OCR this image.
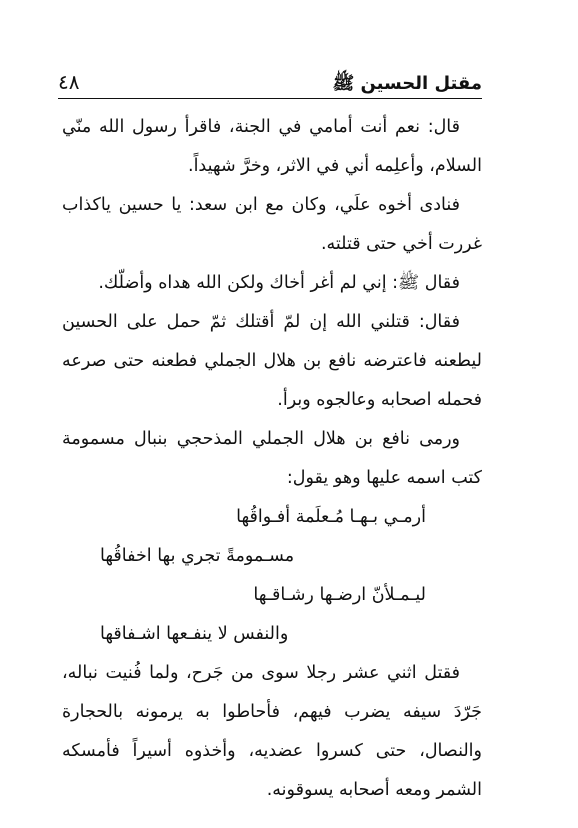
مقتل الحسين ﷺ
٤٨
قال: نعم أنت أمامي في الجنة، فاقرأ رسول الله منّي
السلام، وأعلِمه أني في الاثر، وخرَّ شهيداً.
فنادى أخوه علَي، وكان مع ابن سعد: يا حسين ياكذاب
غررت أخي حتى قتلته.
فقال ﷺ: إني لم أغر أخاك ولكن الله هداه وأضلّك.
فقال: قتلني الله إن لمّ أقتلك ثمّ حمل على الحسين
ليطعنه فاعترضه نافع بن هلال الجملي فطعنه حتى صرعه
فحمله اصحابه وعالجوه وبرأ.
ورمى نافع بن هلال الجملي المذحجي بنبال مسمومة
كتب اسمه عليها وهو يقول:
أرمـي بـهـا مُـعلَمة أفـواقُها
مسـمومةً تجري بها اخفاقُها
ليـمـلأنّ ارضـها رشـاقـها
والنفس لا ينفـعها اشـفاقها
فقتل اثني عشر رجلا سوى من جَرح، ولما فُنيت نباله،
جَرّدَ سيفه يضرب فيهم، فأحاطوا به يرمونه بالحجارة
والنصال، حتى كسروا عضديه، وأخذوه أسيراً فأمسكه
الشمر ومعه أصحابه يسوقونه.
